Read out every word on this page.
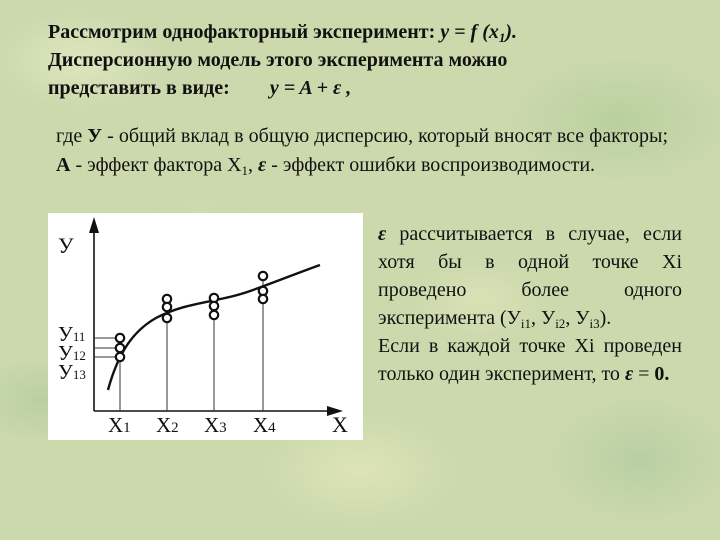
Рассмотрим однофакторный эксперимент: y = f $(x_1)$.
Дисперсионную модель этого эксперимента можно
представить в виде: y = A + ε ,
где У - общий вклад в общую дисперсию, который вносят все факторы; А - эффект фактора $X_1$, ε - эффект ошибки воспроизводимости.
У
X
У11
У12
У13
X1 X2 X3 X4

ε рассчитывается в случае, если хотя бы в одной точке Xi проведено более одного эксперимента ($У_{i1}$, $У_{i2}$, $У_{i3}$).

Если в каждой точке Xi проведен только один эксперимент, то ε = 0.
